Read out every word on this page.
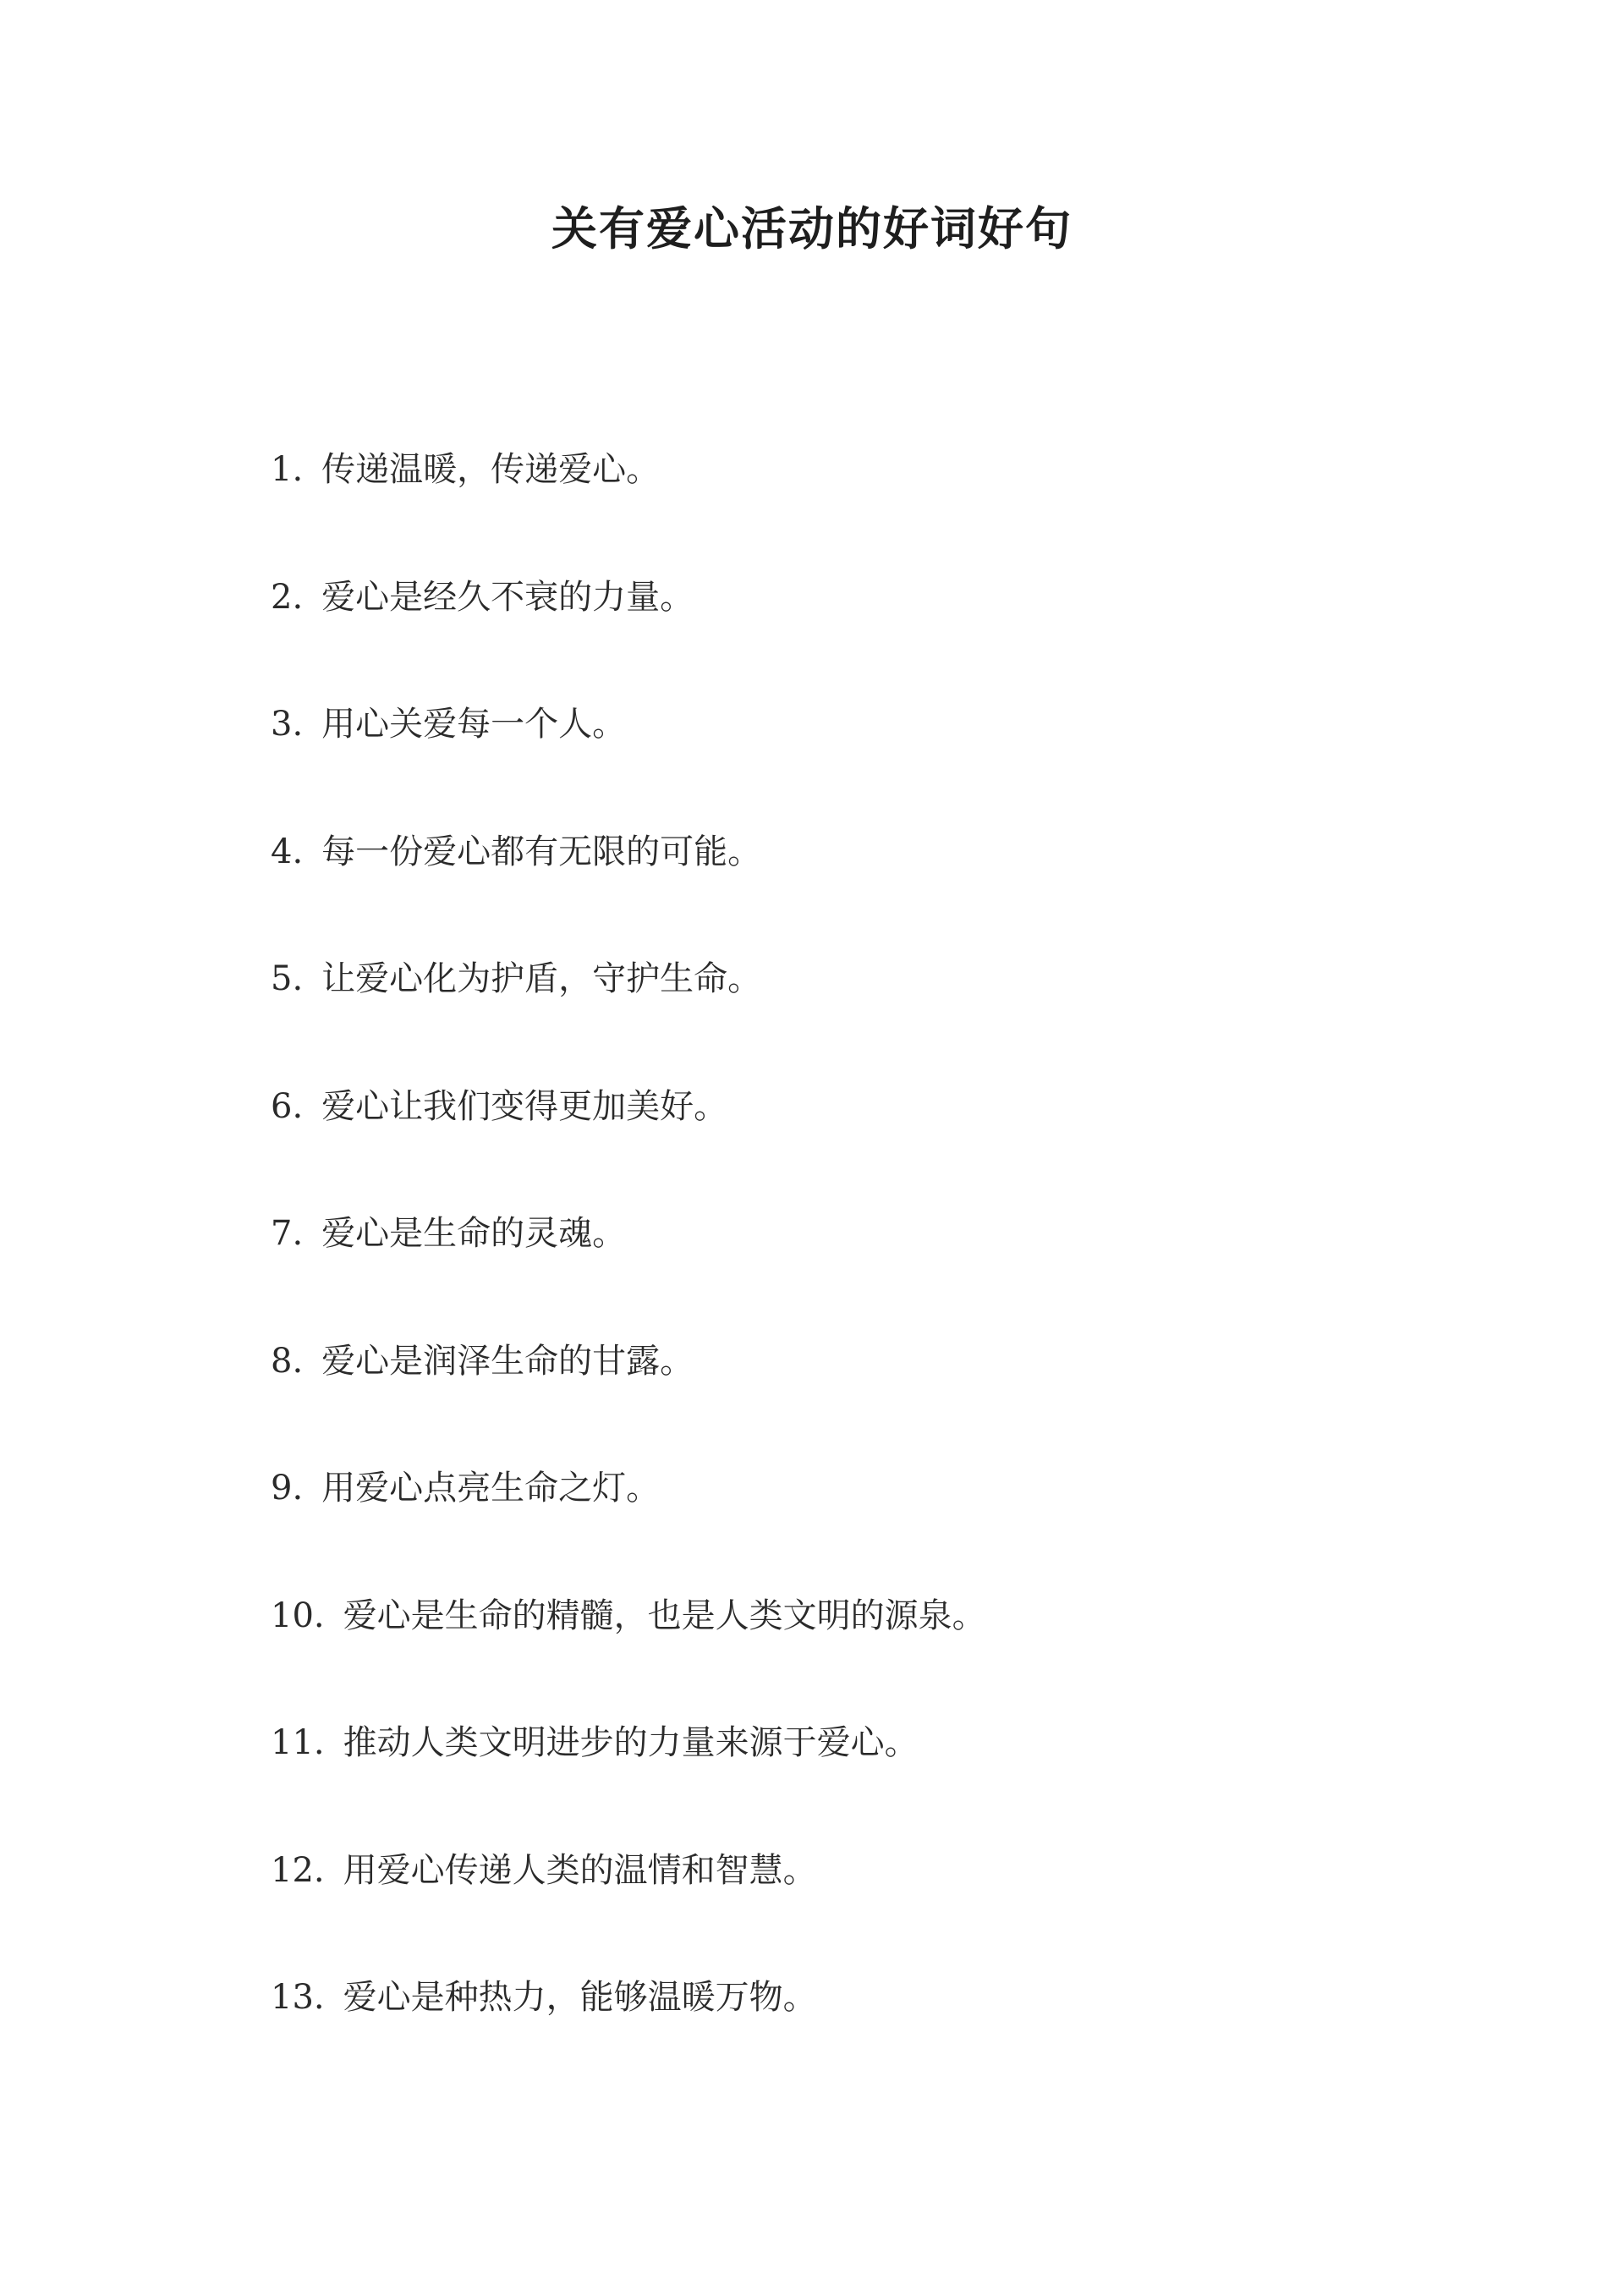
关有爱心活动的好词好句
1. 传递温暖，传递爱心。
2. 爱心是经久不衰的力量。
3. 用心关爱每一个人。
4. 每一份爱心都有无限的可能。
5. 让爱心化为护盾，守护生命。
6. 爱心让我们变得更加美好。
7. 爱心是生命的灵魂。
8. 爱心是润泽生命的甘露。
9. 用爱心点亮生命之灯。
10. 爱心是生命的精髓，也是人类文明的源泉。
11. 推动人类文明进步的力量来源于爱心。
12. 用爱心传递人类的温情和智慧。
13. 爱心是种热力，能够温暖万物。
